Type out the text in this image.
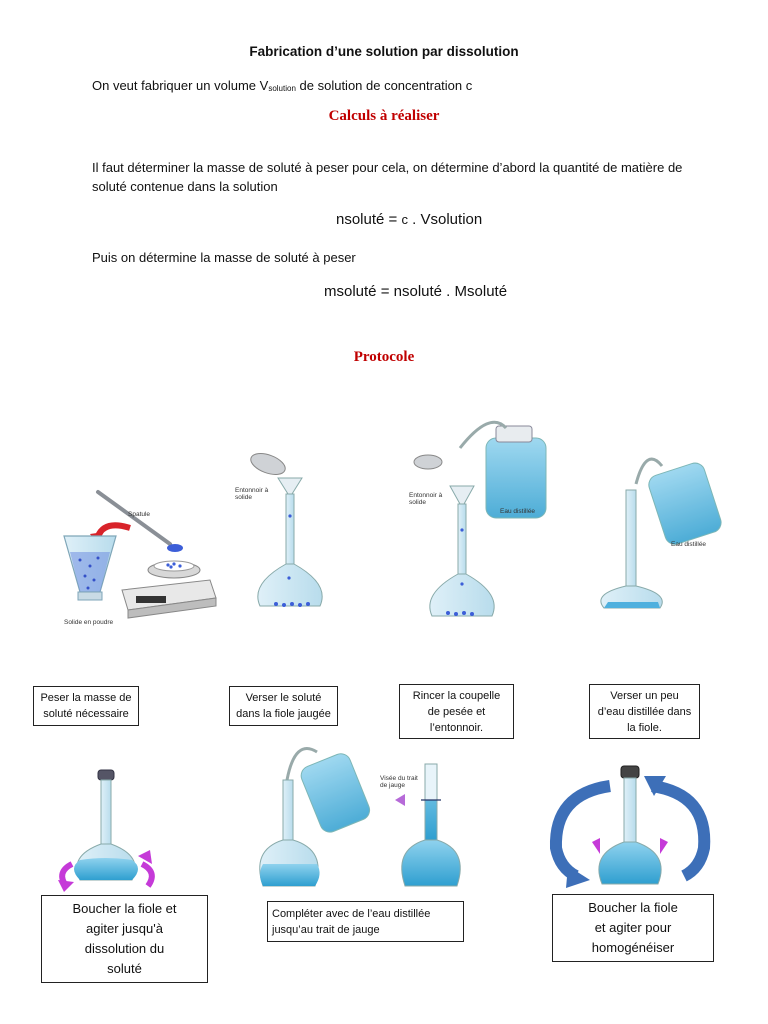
Fabrication d’une solution par dissolution
On veut fabriquer un volume $V_{solution}$ de solution de concentration c
Calculs à réaliser
Il faut déterminer la masse de soluté à peser pour cela, on détermine d’abord la quantité de matière de soluté contenue dans la solution
nsoluté = c . Vsolution
Puis on détermine la masse de soluté à peser
msoluté = nsoluté . Msoluté
Protocole
Spatule
Solide en poudre
Entonnoir à solide	Entonnoir à solide
Eau distillée
Eau distillée
Peser la masse de
soluté nécessaire
Verser le soluté
dans la fiole jaugée
Rincer la coupelle
de pesée et
l’entonnoir.
Verser un peu
d’eau distillée dans
la fiole.
Visée du trait de jauge
Boucher la fiole et
agiter jusqu'à
dissolution du
soluté
Compléter avec de l’eau distillée
jusqu’au trait de jauge
Boucher la fiole
et agiter pour
homogénéiser
